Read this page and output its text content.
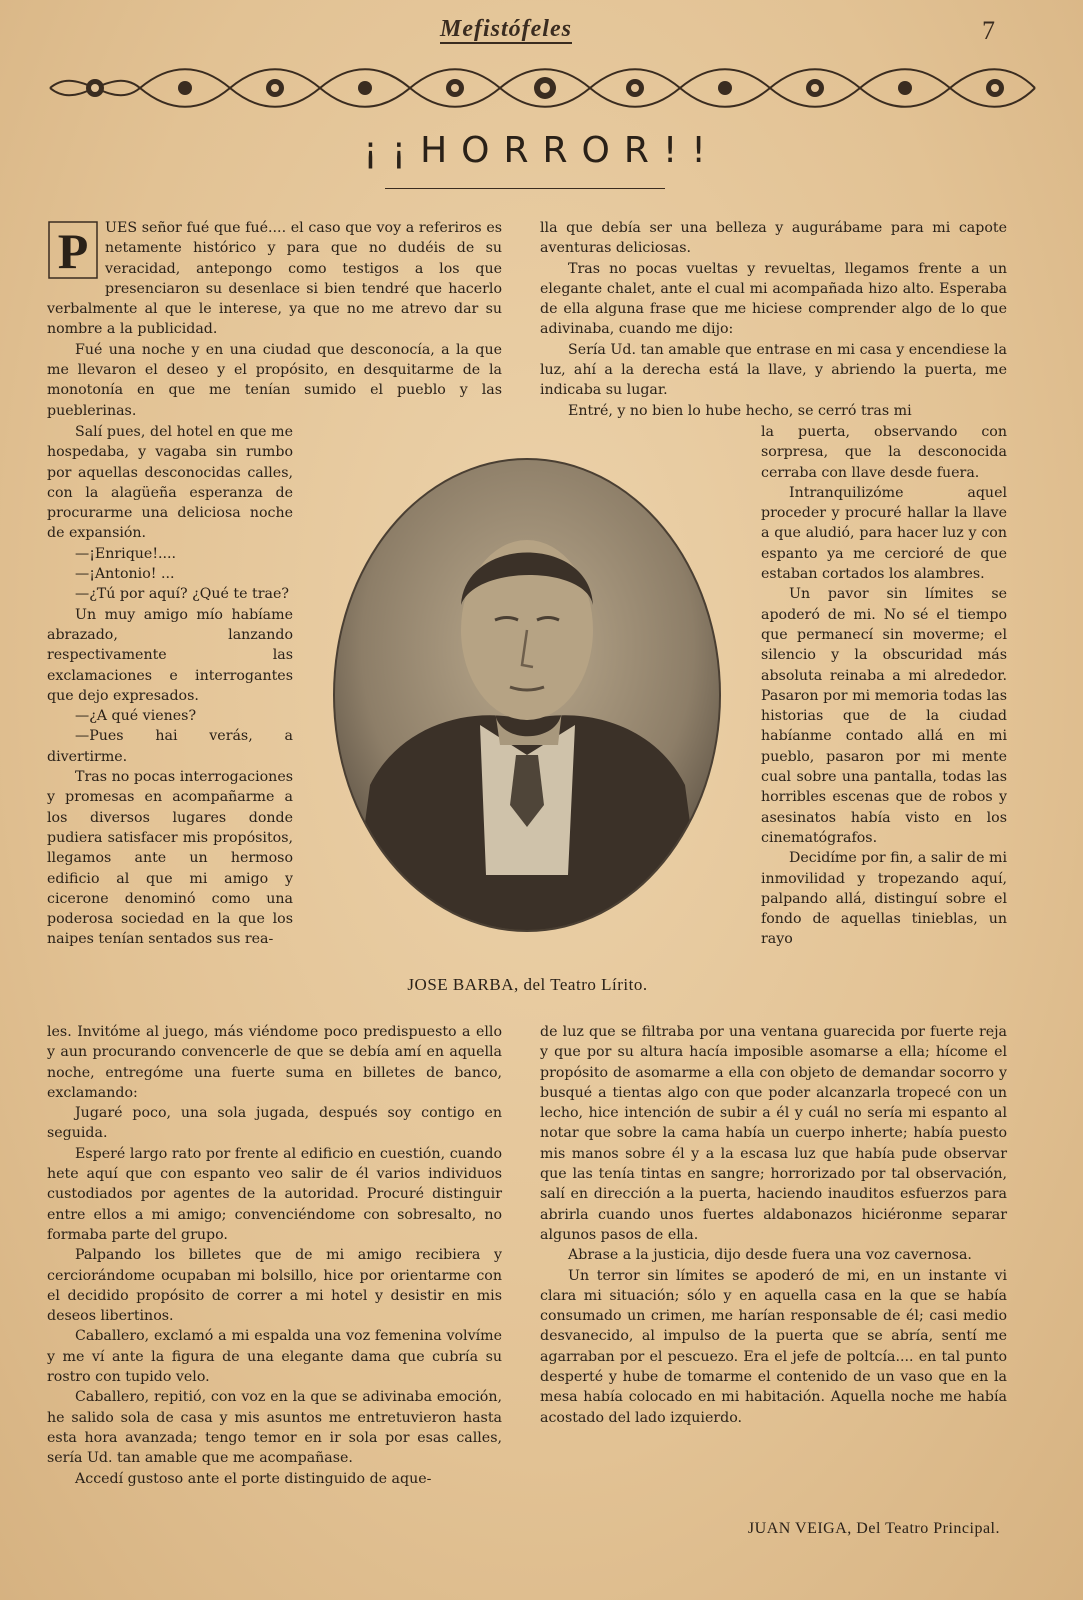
Mefistófeles	7
¡¡HORROR!!
P	UES señor fué que fué.... el caso que voy a referiros es netamente histórico y para que no dudéis de su veracidad, antepongo como testigos a los que presenciaron su desenlace si bien tendré que hacerlo verbalmente al que le interese, ya que no me atrevo dar su nombre a la publicidad.

Fué una noche y en una ciudad que desconocía, a la que me llevaron el deseo y el propósito, en desquitarme de la monotonía en que me tenían sumido el pueblo y las pueblerinas.

Salí pues, del hotel en que me hospedaba, y vagaba sin rumbo por aquellas desconocidas calles, con la alagüeña esperanza de procurarme una deliciosa noche de expansión.

—¡Enrique!....

—¡Antonio! ...

—¿Tú por aquí? ¿Qué te trae?

Un muy amigo mío habíame abrazado, lanzando respectivamente las exclamaciones e interrogantes que dejo expresados.

—¿A qué vienes?

—Pues hai verás, a divertirme.

Tras no pocas interrogaciones y promesas en acompañarme a los diversos lugares donde pudiera satisfacer mis propósitos, llegamos ante un hermoso edificio al que mi amigo y cicerone denominó como una poderosa sociedad en la que los naipes tenían sentados sus rea-

les. Invitóme al juego, más viéndome poco predispuesto a ello y aun procurando convencerle de que se debía amí en aquella noche, entregóme una fuerte suma en billetes de banco, exclamando:

Jugaré poco, una sola jugada, después soy contigo en seguida.

Esperé largo rato por frente al edificio en cuestión, cuando hete aquí que con espanto veo salir de él varios individuos custodiados por agentes de la autoridad. Procuré distinguir entre ellos a mi amigo; convenciéndome con sobresalto, no formaba parte del grupo.

Palpando los billetes que de mi amigo recibiera y cerciorándome ocupaban mi bolsillo, hice por orientarme con el decidido propósito de correr a mi hotel y desistir en mis deseos libertinos.

Caballero, exclamó a mi espalda una voz femenina volvíme y me ví ante la figura de una elegante dama que cubría su rostro con tupido velo.

Caballero, repitió, con voz en la que se adivinaba emoción, he salido sola de casa y mis asuntos me entretuvieron hasta esta hora avanzada; tengo temor en ir sola por esas calles, sería Ud. tan amable que me acompañase.

Accedí gustoso ante el porte distinguido de aque-

lla que debía ser una belleza y augurábame para mi capote aventuras deliciosas.

Tras no pocas vueltas y revueltas, llegamos frente a un elegante chalet, ante el cual mi acompañada hizo alto. Esperaba de ella alguna frase que me hiciese comprender algo de lo que adivinaba, cuando me dijo:

Sería Ud. tan amable que entrase en mi casa y encendiese la luz, ahí a la derecha está la llave, y abriendo la puerta, me indicaba su lugar.

Entré, y no bien lo hube hecho, se cerró tras mi

la puerta, observando con sorpresa, que la desconocida cerraba con llave desde fuera.

Intranquilizóme aquel proceder y procuré hallar la llave a que aludió, para hacer luz y con espanto ya me cercioré de que estaban cortados los alambres.

Un pavor sin límites se apoderó de mi. No sé el tiempo que permanecí sin moverme; el silencio y la obscuridad más absoluta reinaba a mi alrededor. Pasaron por mi memoria todas las historias que de la ciudad habíanme contado allá en mi pueblo, pasaron por mi mente cual sobre una pantalla, todas las horribles escenas que de robos y asesinatos había visto en los cinematógrafos.

Decidíme por fin, a salir de mi inmovilidad y tropezando aquí, palpando allá, distinguí sobre el fondo de aquellas tinieblas, un rayo

de luz que se filtraba por una ventana guarecida por fuerte reja y que por su altura hacía imposible asomarse a ella; hícome el propósito de asomarme a ella con objeto de demandar socorro y busqué a tientas algo con que poder alcanzarla tropecé con un lecho, hice intención de subir a él y cuál no sería mi espanto al notar que sobre la cama había un cuerpo inherte; había puesto mis manos sobre él y a la escasa luz que había pude observar que las tenía tintas en sangre; horrorizado por tal observación, salí en dirección a la puerta, haciendo inauditos esfuerzos para abrirla cuando unos fuertes aldabonazos hiciéronme separar algunos pasos de ella.

Abrase a la justicia, dijo desde fuera una voz cavernosa.

Un terror sin límites se apoderó de mi, en un instante vi clara mi situación; sólo y en aquella casa en la que se había consumado un crimen, me harían responsable de él; casi medio desvanecido, al impulso de la puerta que se abría, sentí me agarraban por el pescuezo. Era el jefe de poltcía.... en tal punto desperté y hube de tomarme el contenido de un vaso que en la mesa había colocado en mi habitación. Aquella noche me había acostado del lado izquierdo.

JOSE BARBA, del Teatro Lírito.
JUAN VEIGA, Del Teatro Principal.
